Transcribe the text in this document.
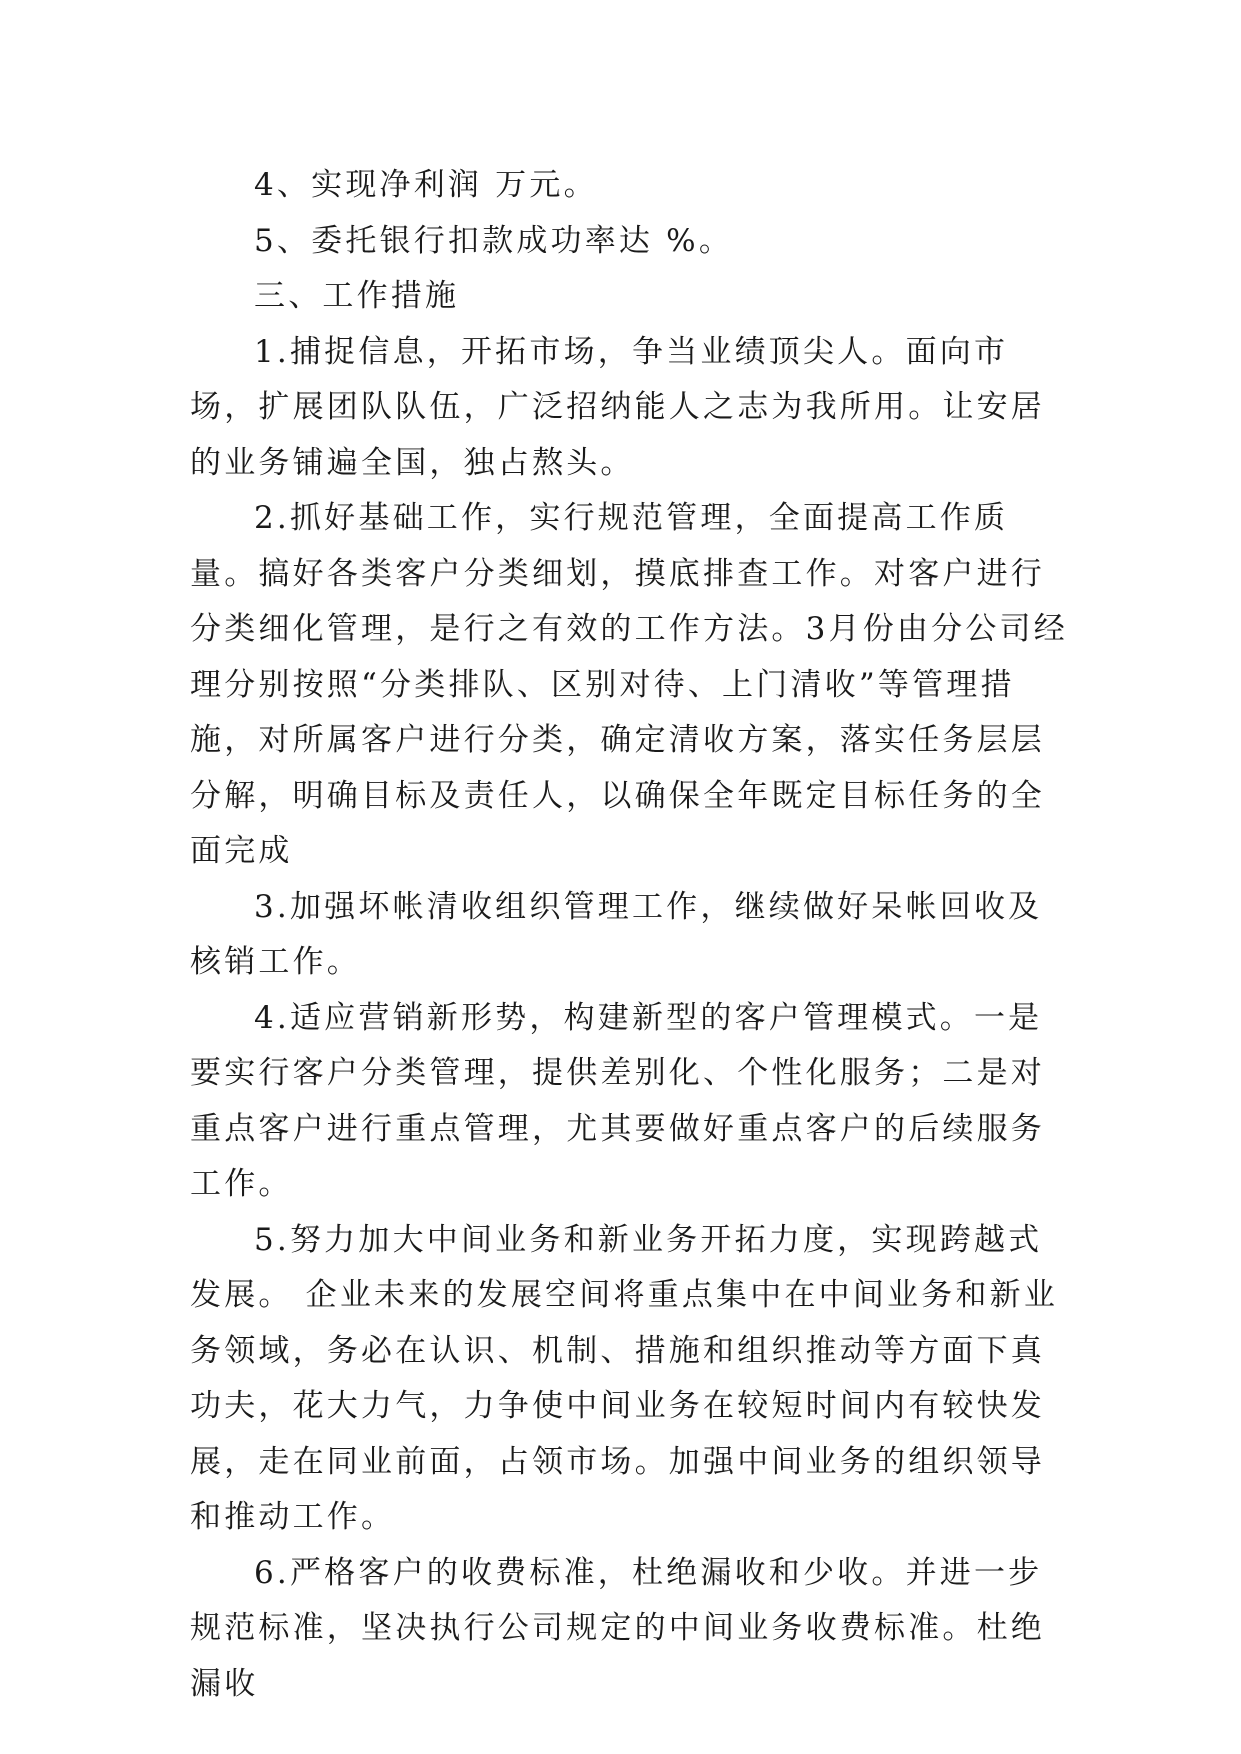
4、实现净利润 万元。

5、委托银行扣款成功率达 %。

三、工作措施

1.捕捉信息，开拓市场，争当业绩顶尖人。面向市场，扩展团队队伍，广泛招纳能人之志为我所用。让安居的业务铺遍全国，独占熬头。

2.抓好基础工作，实行规范管理，全面提高工作质量。搞好各类客户分类细划，摸底排查工作。对客户进行分类细化管理，是行之有效的工作方法。3月份由分公司经理分别按照“分类排队、区别对待、上门清收”等管理措施，对所属客户进行分类，确定清收方案，落实任务层层分解，明确目标及责任人，以确保全年既定目标任务的全面完成

3.加强坏帐清收组织管理工作，继续做好呆帐回收及核销工作。

4.适应营销新形势，构建新型的客户管理模式。一是要实行客户分类管理，提供差别化、个性化服务；二是对重点客户进行重点管理，尤其要做好重点客户的后续服务工作。

5.努力加大中间业务和新业务开拓力度，实现跨越式发展。 企业未来的发展空间将重点集中在中间业务和新业务领域，务必在认识、机制、措施和组织推动等方面下真功夫，花大力气，力争使中间业务在较短时间内有较快发展，走在同业前面，占领市场。加强中间业务的组织领导和推动工作。

6.严格客户的收费标准，杜绝漏收和少收。并进一步规范标准，坚决执行公司规定的中间业务收费标准。杜绝漏收
